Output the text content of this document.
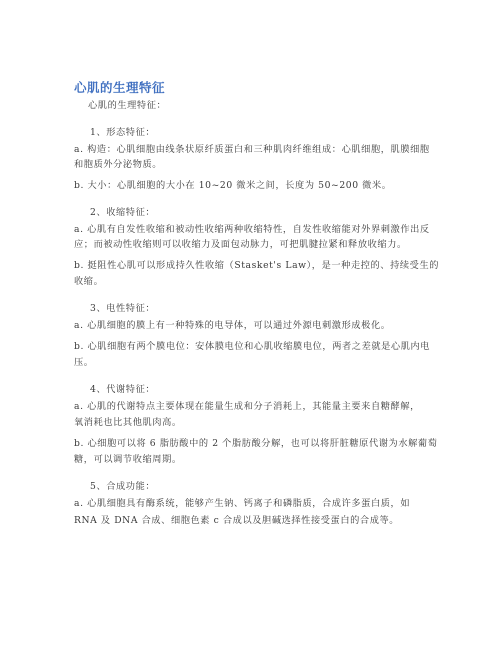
心肌的生理特征
心肌的生理特征：
1、形态特征：
a. 构造：心肌细胞由线条状原纤质蛋白和三种肌肉纤维组成：心肌细胞，肌膜细胞
和胞质外分泌物质。
b. 大小：心肌细胞的大小在 10~20 微米之间，长度为 50~200 微米。
2、收缩特征：
a. 心肌有自发性收缩和被动性收缩两种收缩特性，自发性收缩能对外界刺激作出反
应；而被动性收缩则可以收缩力及面包动脉力，可把肌腱拉紧和释放收缩力。
b. 挺阻性心肌可以形成持久性收缩（Stasket's Law），是一种走控的、持续受生的
收缩。
3、电性特征：
a. 心肌细胞的膜上有一种特殊的电导体，可以通过外源电刺激形成极化。
b. 心肌细胞有两个膜电位：安体膜电位和心肌收缩膜电位，两者之差就是心肌内电
压。
4、代谢特征：
a. 心肌的代谢特点主要体现在能量生成和分子消耗上，其能量主要来自糖酵解，
氧消耗也比其他肌肉高。
b. 心细胞可以将 6 脂肪酸中的 2 个脂肪酸分解，也可以将肝脏糖原代谢为水解葡萄
糖，可以调节收缩周期。
5、合成功能：
a. 心肌细胞具有酶系统，能够产生钠、钙离子和磷脂质，合成许多蛋白质，如
RNA 及 DNA 合成、细胞色素 c 合成以及胆碱选择性接受蛋白的合成等。
